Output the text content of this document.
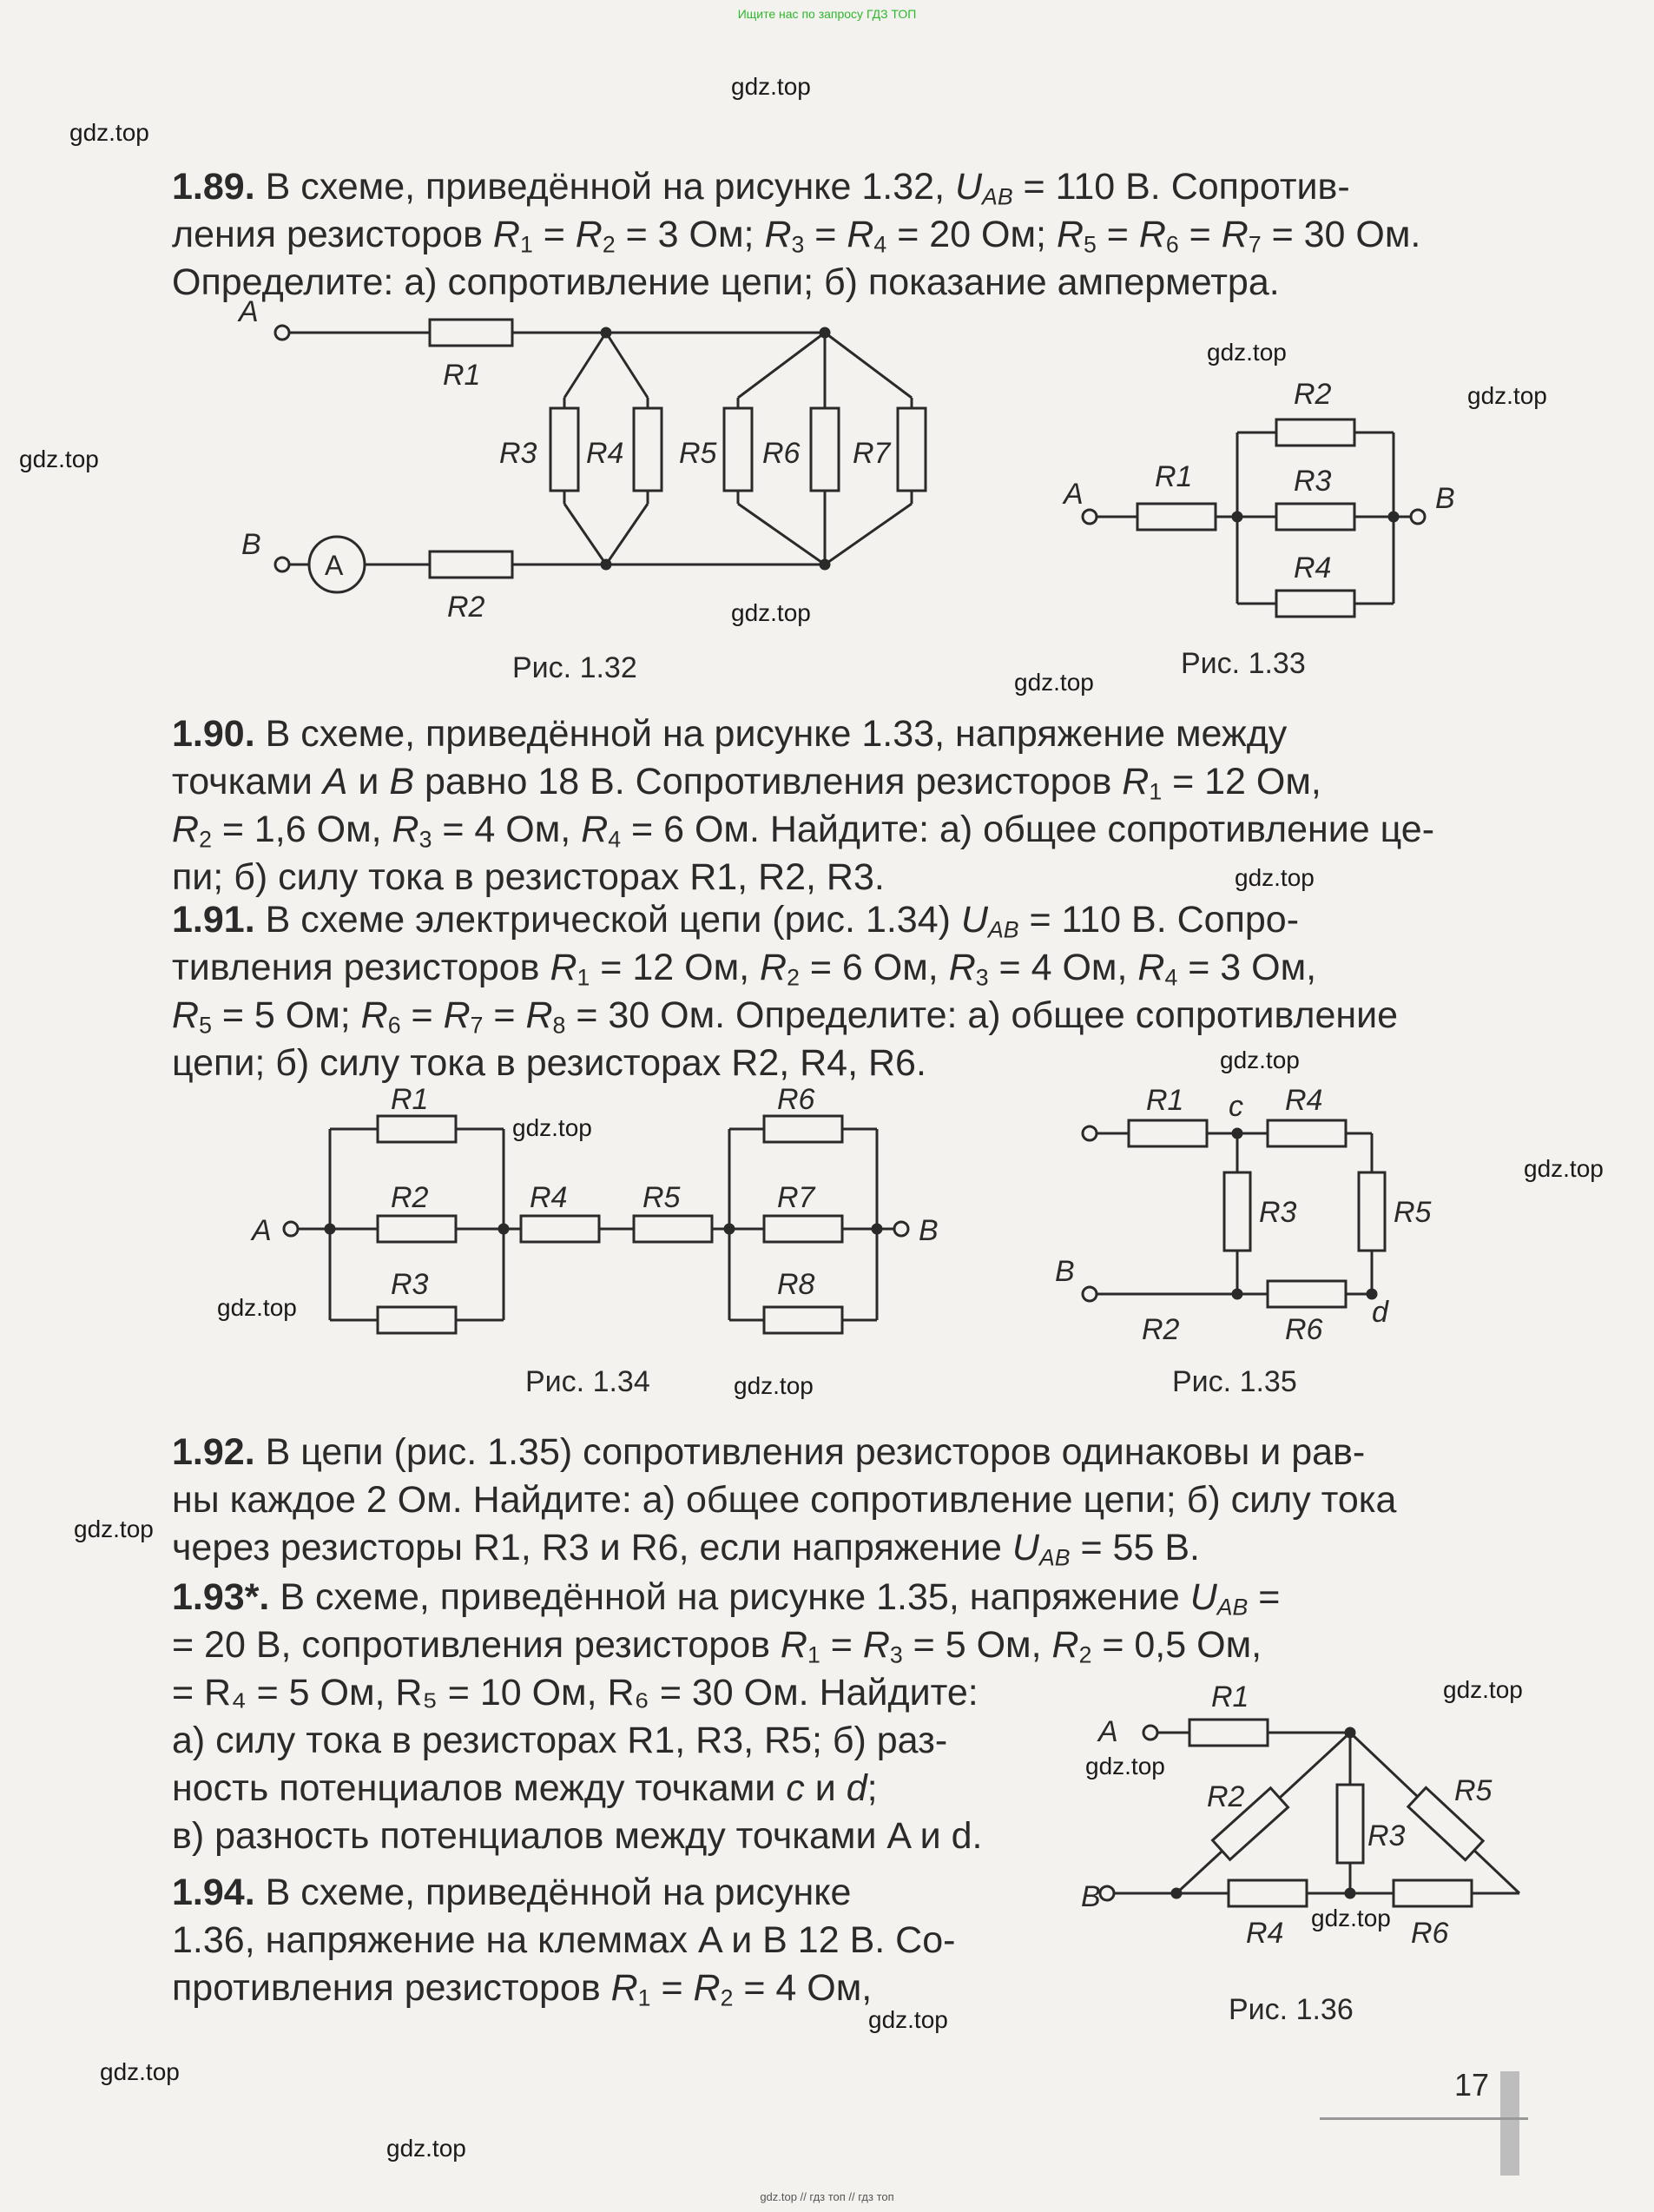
Ищите нас по запросу ГДЗ ТОП
gdz.top
gdz.top
gdz.top
gdz.top
gdz.top
gdz.top
gdz.top
gdz.top
gdz.top
gdz.top
gdz.top
gdz.top
gdz.top
gdz.top
gdz.top
gdz.top
gdz.top
gdz.top
gdz.top
gdz.top
1.89. В схеме, приведённой на рисунке 1.32, $U_{AB} = 110$ В. Сопротив-
ления резисторов $R_1 = R_2 = 3$ Ом; $R_3 = R_4 = 20$ Ом; $R_5 = R_6 = R_7 = 30$ Ом.
Определите: а) сопротивление цепи; б) показание амперметра.
A
R1
R3 R4 R5 R6 R7
B
A
R2
Рис. 1.32
A
R1
R2
R3
R4
B
Рис. 1.33
1.90. В схеме, приведённой на рисунке 1.33, напряжение между
точками A и B равно 18 В. Сопротивления резисторов $R_1 = 12$ Ом,
$R_2 = 1,6$ Ом, $R_3 = 4$ Ом, $R_4 = 6$ Ом. Найдите: а) общее сопротивление це-
пи; б) силу тока в резисторах R1, R2, R3.
1.91. В схеме электрической цепи (рис. 1.34) $U_{AB} = 110$ В. Сопро-
тивления резисторов $R_1 = 12$ Ом, $R_2 = 6$ Ом, $R_3 = 4$ Ом, $R_4 = 3$ Ом,
$R_5 = 5$ Ом; $R_6 = R_7 = R_8 = 30$ Ом. Определите: а) общее сопротивление
цепи; б) силу тока в резисторах R2, R4, R6.
A
R1
R2
R3
R4	R5
R6
R7
R8
B
Рис. 1.34
R1 c R4
R3	R5
B
R2	R6
d
Рис. 1.35
1.92. В цепи (рис. 1.35) сопротивления резисторов одинаковы и рав-
ны каждое 2 Ом. Найдите: а) общее сопротивление цепи; б) силу тока
через резисторы R1, R3 и R6, если напряжение $U_{AB} = 55$ В.
1.93*. В схеме, приведённой на рисунке 1.35, напряжение $U_{AB}$ =
= 20 В, сопротивления резисторов $R_1 = R_3 = 5$ Ом, $R_2 = 0,5$ Ом,
= R₄ = 5 Ом, R₅ = 10 Ом, R₆ = 30 Ом. Найдите:
а) силу тока в резисторах R1, R3, R5; б) раз-
ность потенциалов между точками c и d;
в) разность потенциалов между точками A и d.
1.94. В схеме, приведённой на рисунке
1.36, напряжение на клеммах A и B 12 В. Со-
противления резисторов $R_1 = R_2 = 4$ Ом,
A
R1
R2
R3
R5
B
R4	R6
Рис. 1.36
17
gdz.top // гдз топ // гдз топ
